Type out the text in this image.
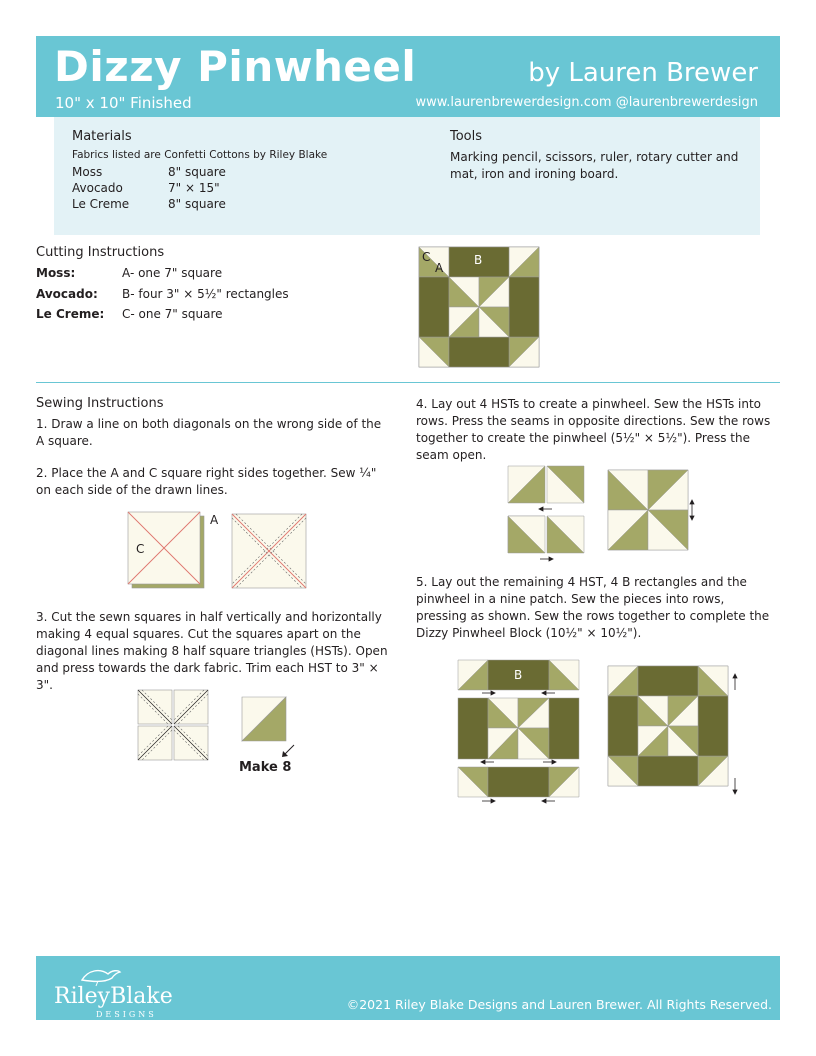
Dizzy Pinwheel
10" x 10" Finished
by Lauren Brewer
www.laurenbrewerdesign.com @laurenbrewerdesign
Materials
Fabrics listed are Confetti Cottons by Riley Blake
Moss	8" square
Avocado	7" × 15"
Le Creme	8" square
Tools
Marking pencil, scissors, ruler, rotary cutter and mat, iron and ironing board.
Cutting Instructions
Moss:	A- one 7" square
Avocado: B- four 3" × 5½" rectangles
Le Creme: C- one 7" square
C
A
B
Sewing Instructions
1. Draw a line on both diagonals on the wrong side of the A square.
2. Place the A and C square right sides together. Sew ¼" on each side of the drawn lines.
A
C
3. Cut the sewn squares in half vertically and horizontally making 4 equal squares. Cut the squares apart on the diagonal lines making 8 half square triangles (HSTs). Open and press towards the dark fabric. Trim each HST to 3" × 3".
Make 8
4. Lay out 4 HSTs to create a pinwheel. Sew the HSTs into rows. Press the seams in opposite directions. Sew the rows together to create the pinwheel (5½" × 5½"). Press the seam open.
5. Lay out the remaining 4 HST, 4 B rectangles and the pinwheel in a nine patch. Sew the pieces into rows, pressing as shown. Sew the rows together to complete the Dizzy Pinwheel Block (10½" × 10½").
B
RileyBlake
DESIGNS
©2021 Riley Blake Designs and Lauren Brewer. All Rights Reserved.
